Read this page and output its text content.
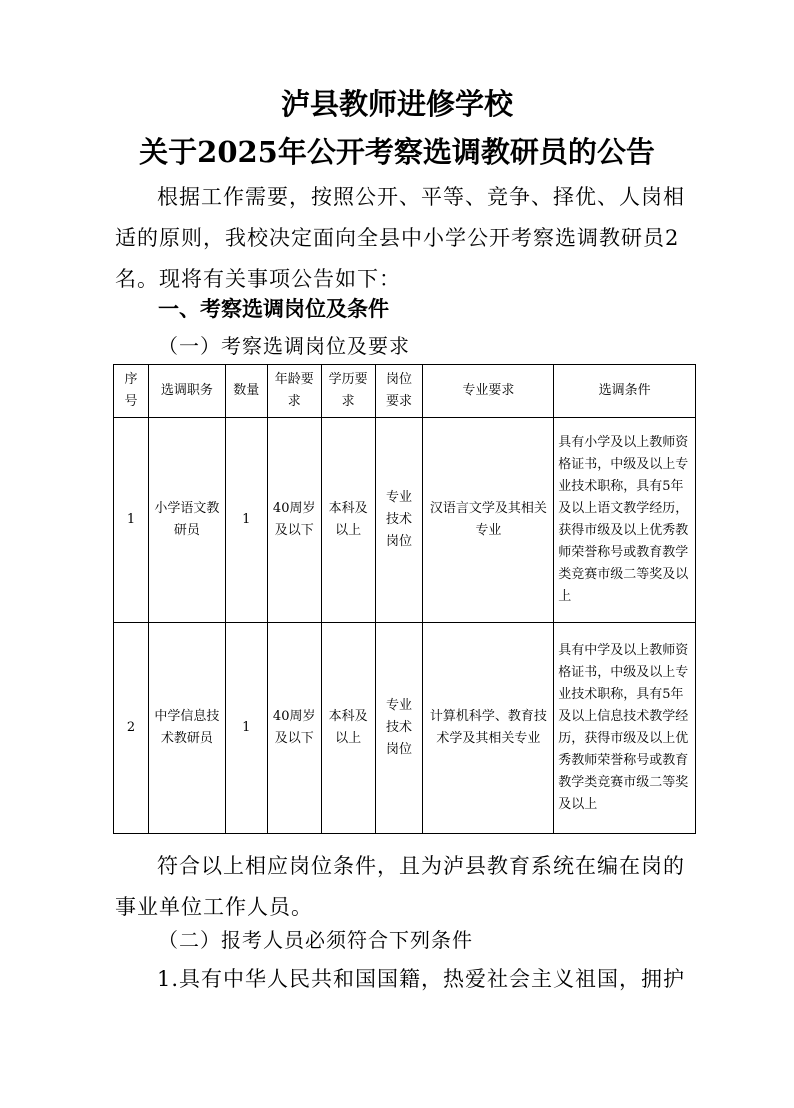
泸县教师进修学校
关于2025年公开考察选调教研员的公告
根据工作需要，按照公开、平等、竞争、择优、人岗相适的原则，我校决定面向全县中小学公开考察选调教研员2名。现将有关事项公告如下：
一、考察选调岗位及条件
（一）考察选调岗位及要求
序号	选调职务	数量	年龄要求	学历要求	岗位要求	专业要求	选调条件
1	小学语文教研员	1	40周岁及以下	本科及以上	专业技术岗位	汉语言文学及其相关专业	具有小学及以上教师资格证书，中级及以上专业技术职称，具有5年及以上语文教学经历，获得市级及以上优秀教师荣誉称号或教育教学类竞赛市级二等奖及以上
2	中学信息技术教研员	1	40周岁及以下	本科及以上	专业技术岗位	计算机科学、教育技术学及其相关专业	具有中学及以上教师资格证书，中级及以上专业技术职称，具有5年及以上信息技术教学经历，获得市级及以上优秀教师荣誉称号或教育教学类竞赛市级二等奖及以上
符合以上相应岗位条件，且为泸县教育系统在编在岗的事业单位工作人员。
（二）报考人员必须符合下列条件
1.具有中华人民共和国国籍，热爱社会主义祖国，拥护
